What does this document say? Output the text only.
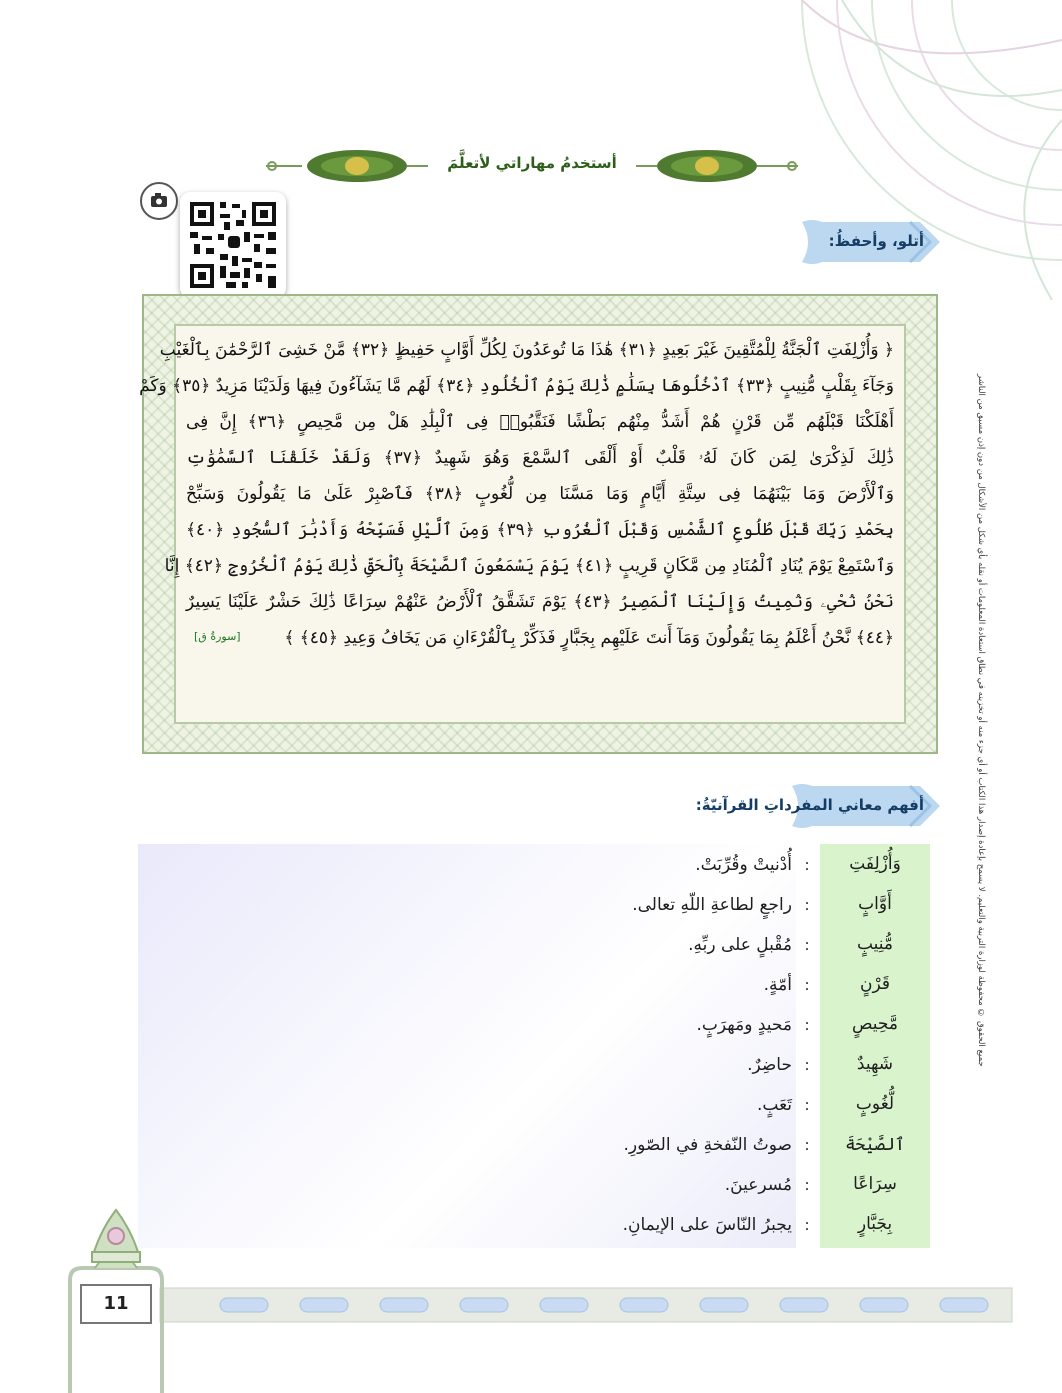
جميع الحقوق © محفوظة لوزارة التربية والتعليم. لا يسمح بإعادة إصدار هذا الكتاب أو أي جزء منه أو تخزينه في نطاق استعادة المعلومات أو نقله بأي شكل من الأشكال من دون إذن مسبق من الناشر
أستخدمُ مهاراتي لأتعلَّمَ
أتلو، وأحفظُ:
﴿ وَأُزْلِفَتِ ٱلْجَنَّةُ لِلْمُتَّقِينَ غَيْرَ بَعِيدٍ ﴿٣١﴾ هَٰذَا مَا تُوعَدُونَ لِكُلِّ أَوَّابٍ حَفِيظٍ ﴿٣٢﴾ مَّنْ خَشِىَ ٱلرَّحْمَٰنَ بِٱلْغَيْبِ
وَجَآءَ بِقَلْبٍ مُّنِيبٍ ﴿٣٣﴾ ٱدْخُلُوهَا بِسَلَٰمٍ ذَٰلِكَ يَوْمُ ٱلْخُلُودِ ﴿٣٤﴾ لَهُم مَّا يَشَآءُونَ فِيهَا وَلَدَيْنَا مَزِيدٌ ﴿٣٥﴾ وَكَمْ
أَهْلَكْنَا قَبْلَهُم مِّن قَرْنٍ هُمْ أَشَدُّ مِنْهُم بَطْشًا فَنَقَّبُوا۟ فِى ٱلْبِلَٰدِ هَلْ مِن مَّحِيصٍ ﴿٣٦﴾ إِنَّ فِى
ذَٰلِكَ لَذِكْرَىٰ لِمَن كَانَ لَهُۥ قَلْبٌ أَوْ أَلْقَى ٱلسَّمْعَ وَهُوَ شَهِيدٌ ﴿٣٧﴾ وَلَقَدْ خَلَقْنَا ٱلسَّمَٰوَٰتِ
وَٱلْأَرْضَ وَمَا بَيْنَهُمَا فِى سِتَّةِ أَيَّامٍ وَمَا مَسَّنَا مِن لُّغُوبٍ ﴿٣٨﴾ فَٱصْبِرْ عَلَىٰ مَا يَقُولُونَ وَسَبِّحْ
بِحَمْدِ رَبِّكَ قَبْلَ طُلُوعِ ٱلشَّمْسِ وَقَبْلَ ٱلْغُرُوبِ ﴿٣٩﴾ وَمِنَ ٱلَّيْلِ فَسَبِّحْهُ وَأَدْبَٰرَ ٱلسُّجُودِ ﴿٤٠﴾
وَٱسْتَمِعْ يَوْمَ يُنَادِ ٱلْمُنَادِ مِن مَّكَانٍ قَرِيبٍ ﴿٤١﴾ يَوْمَ يَسْمَعُونَ ٱلصَّيْحَةَ بِٱلْحَقِّ ذَٰلِكَ يَوْمُ ٱلْخُرُوجِ ﴿٤٢﴾ إِنَّا
نَحْنُ نُحْىِۦ وَنُمِيتُ وَإِلَيْنَا ٱلْمَصِيرُ ﴿٤٣﴾ يَوْمَ تَشَقَّقُ ٱلْأَرْضُ عَنْهُمْ سِرَاعًا ذَٰلِكَ حَشْرٌ عَلَيْنَا يَسِيرٌ
﴿٤٤﴾ نَّحْنُ أَعْلَمُ بِمَا يَقُولُونَ وَمَآ أَنتَ عَلَيْهِم بِجَبَّارٍ فَذَكِّرْ بِٱلْقُرْءَانِ مَن يَخَافُ وَعِيدِ ﴿٤٥﴾ ﴾
[سورةُ ق]
أفهم معاني المفرداتِ القرآنيّةُ:
وَأُزْلِفَتِ
:
أُدْنيتْ وقُرِّبَتْ.
أَوَّابٍ
:
راجعٍ لطاعةِ اللّهِ تعالى.
مُّنِيبٍ
:
مُقْبلٍ على ربِّهِ.
قَرْنٍ
:
أمّةٍ.
مَّحِيصٍ
:
مَحيدٍ ومَهرَبٍ.
شَهِيدٌ
:
حاضِرٌ.
لُّغُوبٍ
:
تَعَبٍ.
ٱلصَّيْحَةَ
:
صوتُ النّفخةِ في الصّورِ.
سِرَاعًا
:
مُسرعينَ.
بِجَبَّارٍ
:
يجبرُ النّاسَ على الإيمانِ.
11
